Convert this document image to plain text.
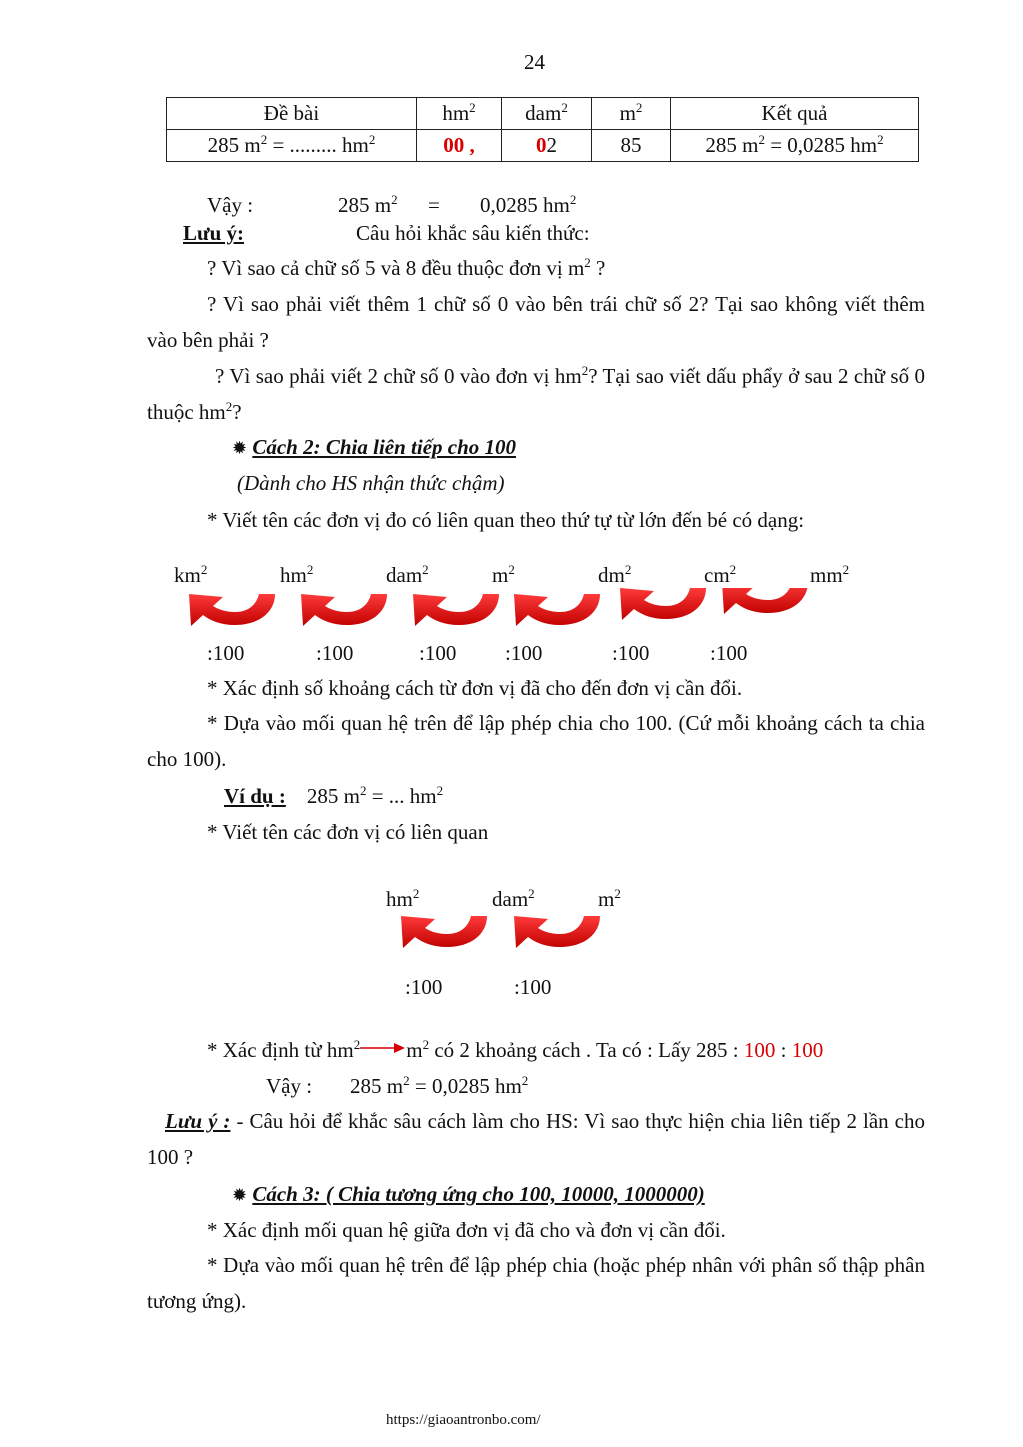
24
Đề bài	$hm^2$	dam$^2$	$m^2$	Kết quả
285 $m^2$ = ......... $hm^2$	00 ,	02	85	285 $m^2 = 0,0285$ $hm^2$
Vậy :	285 $m^2 = 0,0285$ $hm^2$
Lưu ý:	Câu hỏi khắc sâu kiến thức:
? Vì sao cả chữ số 5 và 8 đều thuộc đơn vị $m^2$ ?
? Vì sao phải viết thêm 1 chữ số 0 vào bên trái chữ số 2? Tại sao không viết thêm vào bên phải ?
? Vì sao phải viết 2 chữ số 0 vào đơn vị $hm^2$? Tại sao viết dấu phẩy ở sau 2 chữ số 0 thuộc $hm^2$?
✹ Cách 2: Chia liên tiếp cho 100
(Dành cho HS nhận thức chậm)
* Viết tên các đơn vị đo có liên quan theo thứ tự từ lớn đến bé có dạng:
$km^2$	$hm^2$	dam$^2$	$m^2$	$dm^2$	$cm^2$	$mm^2$
:100	:100	:100 :100	:100	:100
* Xác định số khoảng cách từ đơn vị đã cho đến đơn vị cần đổi.
* Dựa vào mối quan hệ trên để lập phép chia cho 100. (Cứ mỗi khoảng cách ta chia cho 100).
Ví dụ : 285 $m^2$ = ... $hm^2$
* Viết tên các đơn vị có liên quan
$hm^2$	dam$^2$	$m^2$
:100	:100
* Xác định từ $hm^2$ $m^2$ có 2 khoảng cách . Ta có : Lấy 285 : 100 : 100
Vậy : 285 $m^2 = 0,0285$ $hm^2$
Lưu ý : - Câu hỏi để khắc sâu cách làm cho HS: Vì sao thực hiện chia liên tiếp 2 lần cho 100 ?
✹ Cách 3: ( Chia tương ứng cho 100, 10000, 1000000)
* Xác định mối quan hệ giữa đơn vị đã cho và đơn vị cần đổi.
* Dựa vào mối quan hệ trên để lập phép chia (hoặc phép nhân với phân số thập phân tương ứng).
https://giaoantronbo.com/
